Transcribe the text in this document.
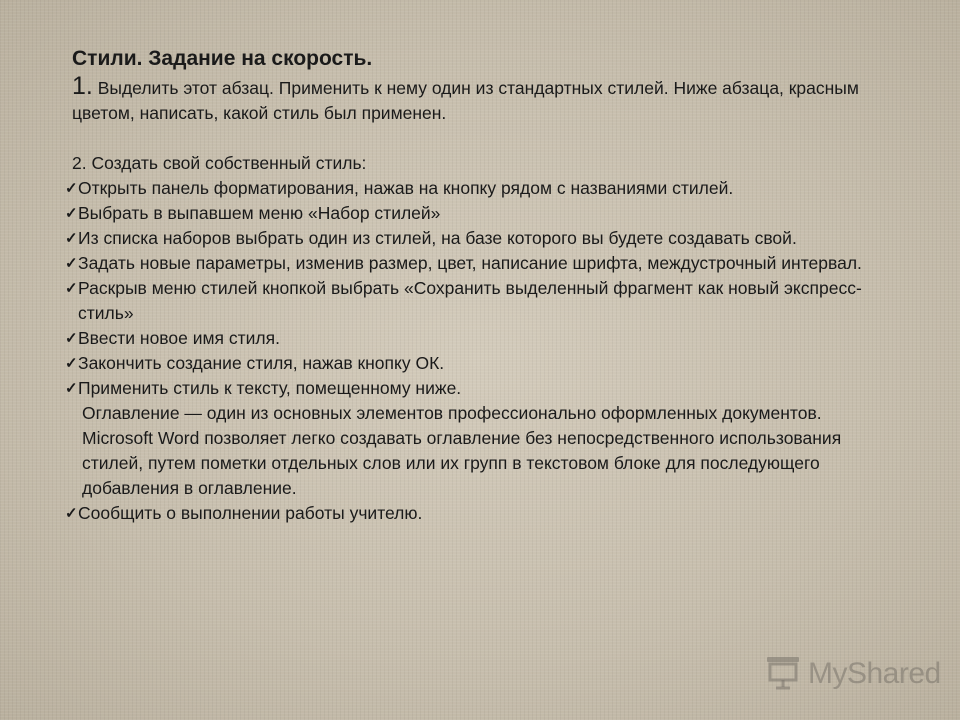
Стили. Задание на скорость.

1. Выделить этот абзац. Применить к нему один из стандартных стилей. Ниже абзаца, красным цветом, написать, какой стиль был применен.

2. Создать свой собственный стиль:

✓ Открыть панель форматирования, нажав на кнопку рядом с названиями стилей.

✓ Выбрать в выпавшем меню «Набор стилей»

✓ Из списка наборов выбрать один из стилей, на базе которого вы будете создавать свой.

✓ Задать новые параметры, изменив размер, цвет, написание шрифта, междустрочный интервал.

✓ Раскрыв меню стилей кнопкой выбрать «Сохранить выделенный фрагмент как новый экспресс-стиль»

✓ Ввести новое имя стиля.

✓ Закончить создание стиля, нажав кнопку ОК.

✓ Применить стиль к тексту, помещенному ниже.

Оглавление — один из основных элементов профессионально оформленных документов. Microsoft Word позволяет легко создавать оглавление без непосредственного использования стилей, путем пометки отдельных слов или их групп в текстовом блоке для последующего добавления в оглавление.

✓ Сообщить о выполнении работы учителю.

MyShared
